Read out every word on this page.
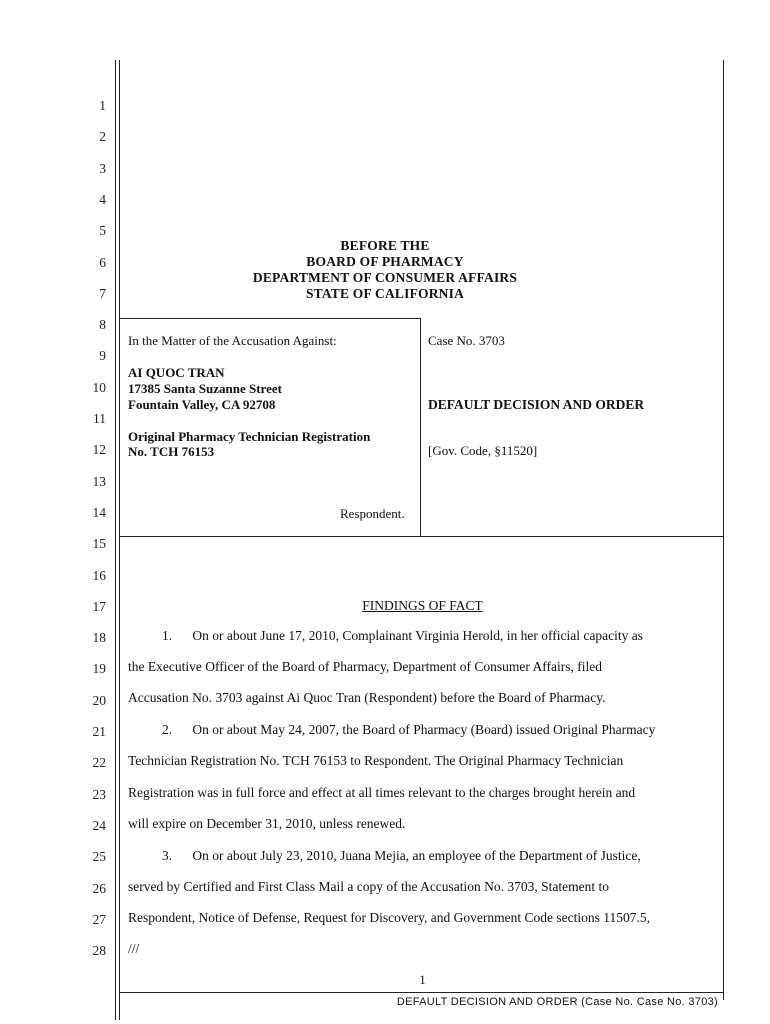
1
2
3
4
5
6
7
8
9
10
11
12
13
14
15
16
17
18
19
20
21
22
23
24
25
26
27
28
BEFORE THE
BOARD OF PHARMACY
DEPARTMENT OF CONSUMER AFFAIRS
STATE OF CALIFORNIA
In the Matter of the Accusation Against:
AI QUOC TRAN
17385 Santa Suzanne Street
Fountain Valley, CA 92708
Original Pharmacy Technician Registration
No. TCH 76153
Respondent.
Case No. 3703
DEFAULT DECISION AND ORDER
[Gov. Code, §11520]
FINDINGS OF FACT
1.      On or about June 17, 2010, Complainant Virginia Herold, in her official capacity as
the Executive Officer of the Board of Pharmacy, Department of Consumer Affairs, filed
Accusation No. 3703 against Ai Quoc Tran (Respondent) before the Board of Pharmacy.
2.      On or about May 24, 2007, the Board of Pharmacy (Board) issued Original Pharmacy
Technician Registration No. TCH 76153 to Respondent. The Original Pharmacy Technician
Registration was in full force and effect at all times relevant to the charges brought herein and
will expire on December 31, 2010, unless renewed.
3.      On or about July 23, 2010, Juana Mejia, an employee of the Department of Justice,
served by Certified and First Class Mail a copy of the Accusation No. 3703, Statement to
Respondent, Notice of Defense, Request for Discovery, and Government Code sections 11507.5,
///
1
DEFAULT DECISION AND ORDER (Case No. Case No. 3703)
